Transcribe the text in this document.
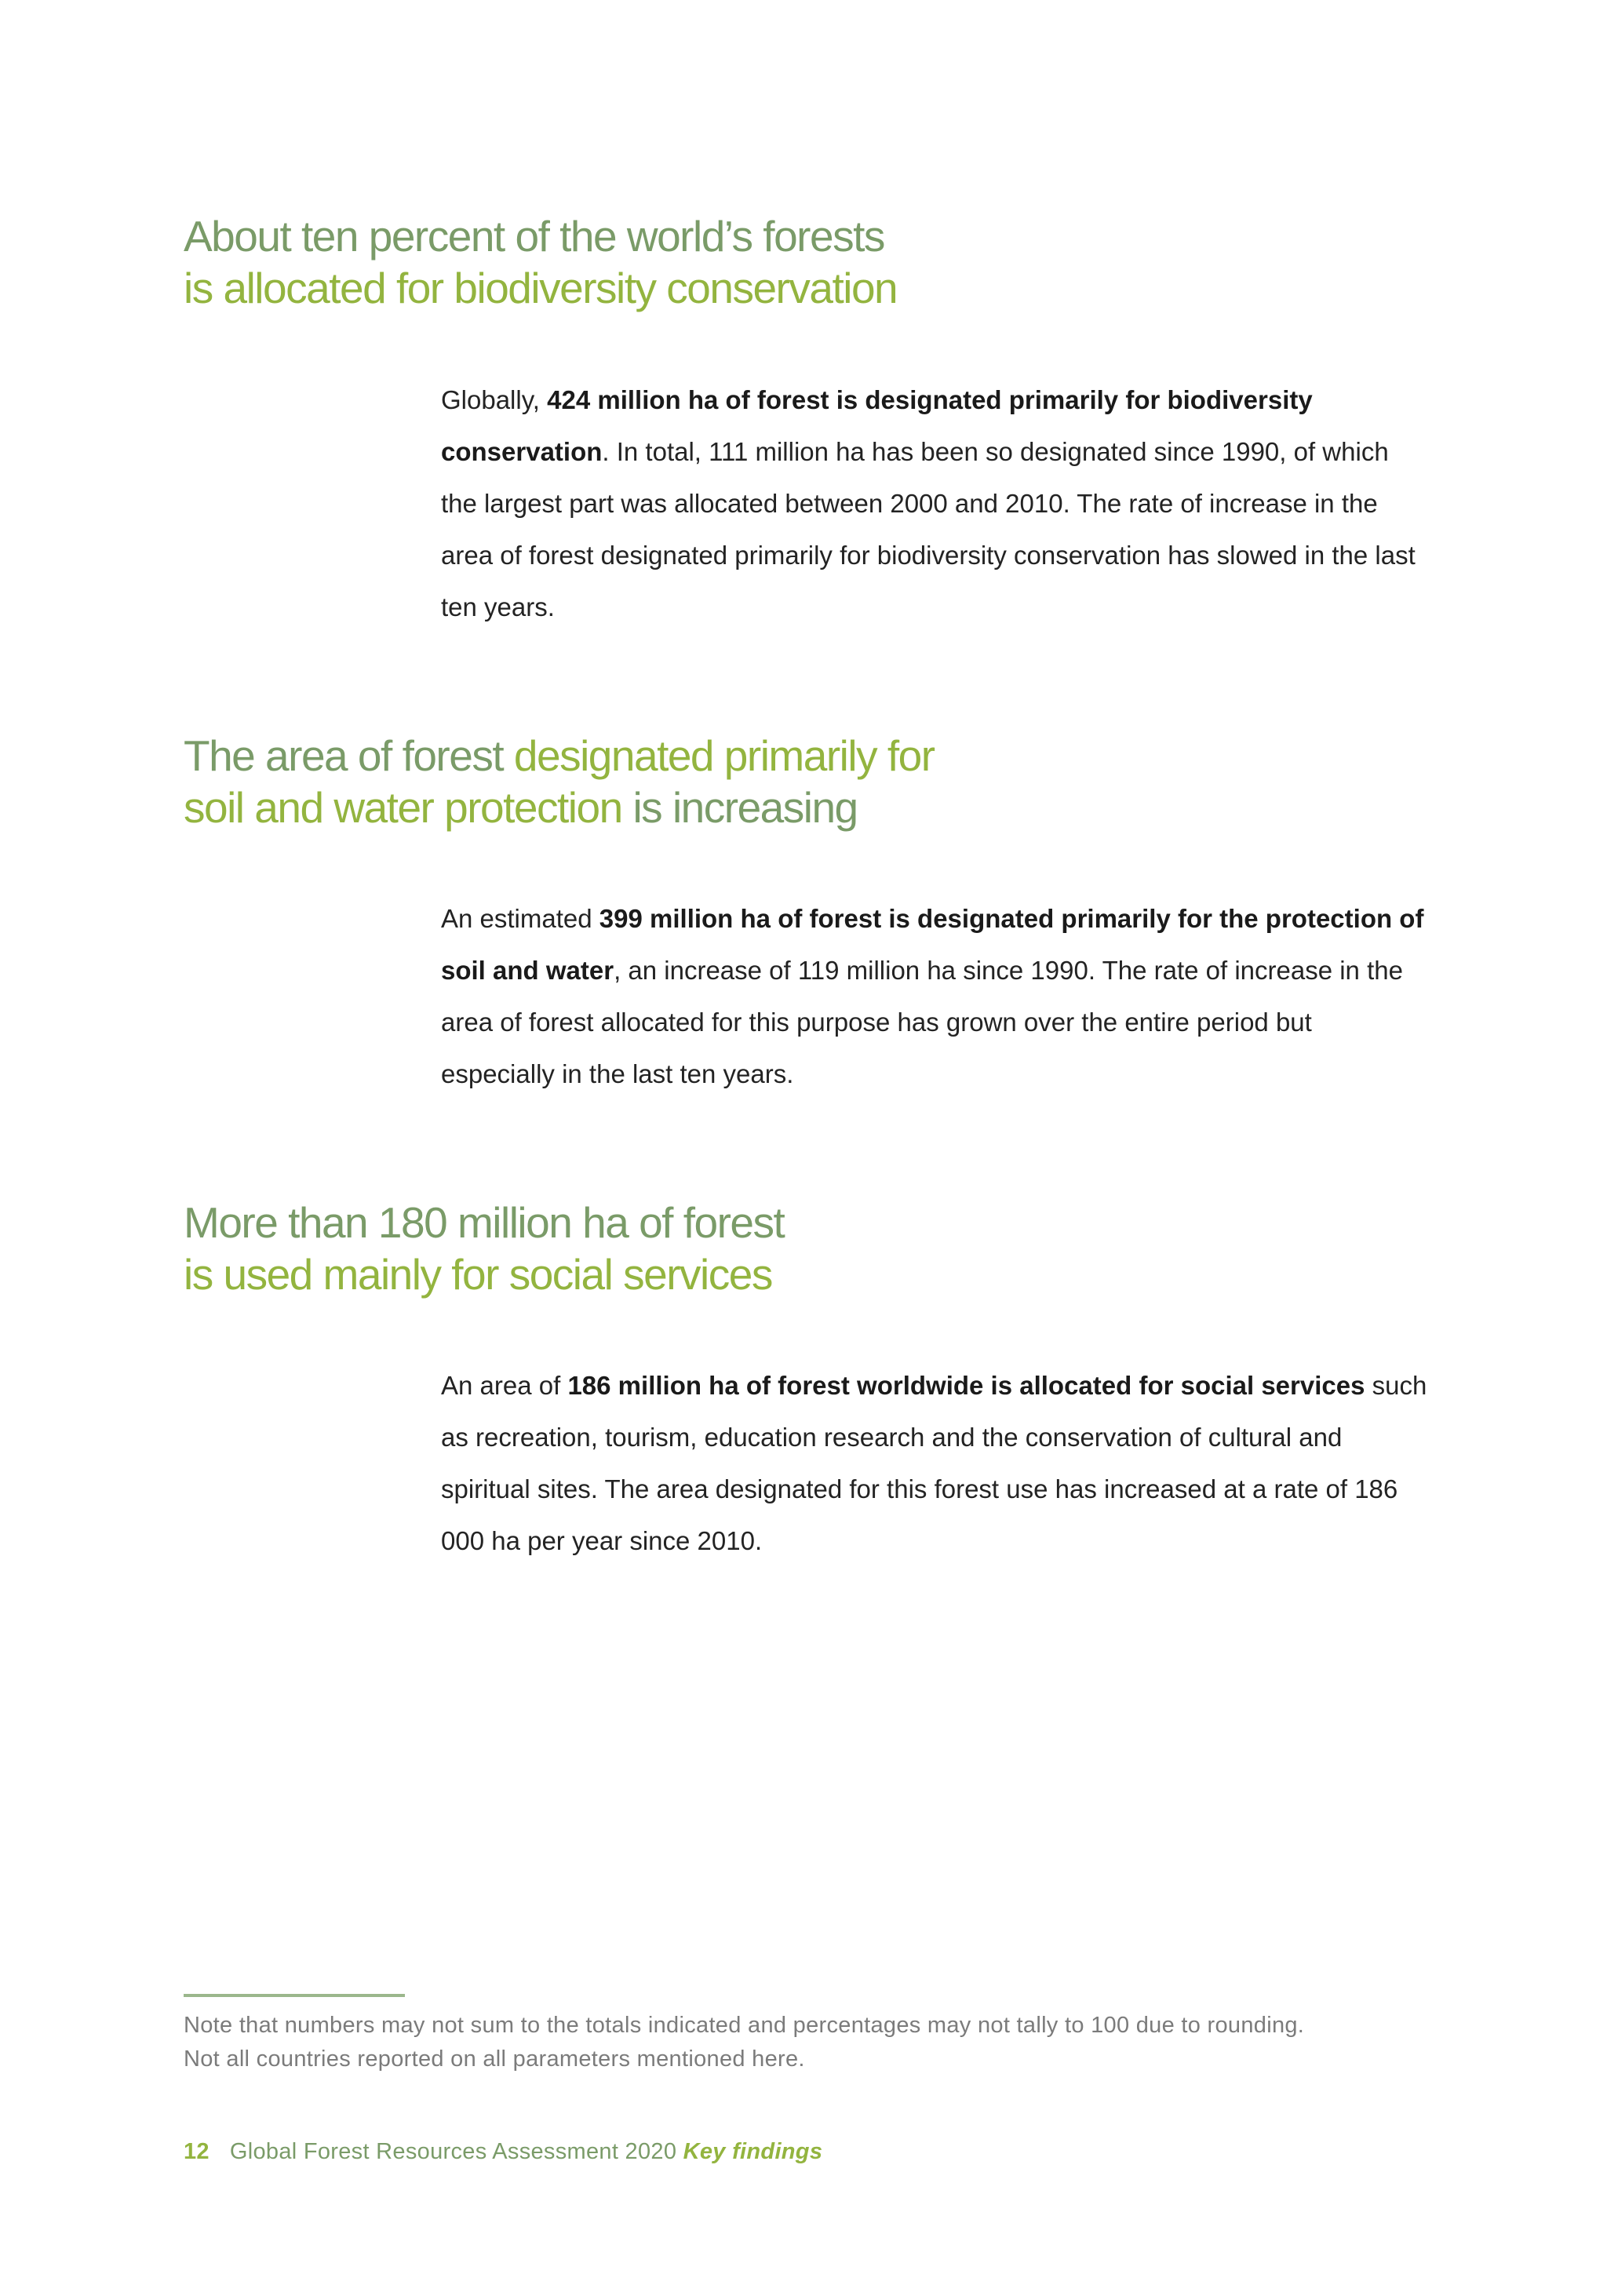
About ten percent of the world’s forests
is allocated for biodiversity conservation

Globally, 424 million ha of forest is designated primarily for biodiversity conservation. In total, 111 million ha has been so designated since 1990, of which the largest part was allocated between 2000 and 2010. The rate of increase in the area of forest designated primarily for biodiversity conservation has slowed in the last ten years.

The area of forest designated primarily for
soil and water protection is increasing

An estimated 399 million ha of forest is designated primarily for the protection of soil and water, an increase of 119 million ha since 1990. The rate of increase in the area of forest allocated for this purpose has grown over the entire period but especially in the last ten years.

More than 180 million ha of forest
is used mainly for social services

An area of 186 million ha of forest worldwide is allocated for social services such as recreation, tourism, education research and the conservation of cultural and spiritual sites. The area designated for this forest use has increased at a rate of 186 000 ha per year since 2010.

Note that numbers may not sum to the totals indicated and percentages may not tally to 100 due to rounding.
Not all countries reported on all parameters mentioned here.

12 Global Forest Resources Assessment 2020 Key findings
